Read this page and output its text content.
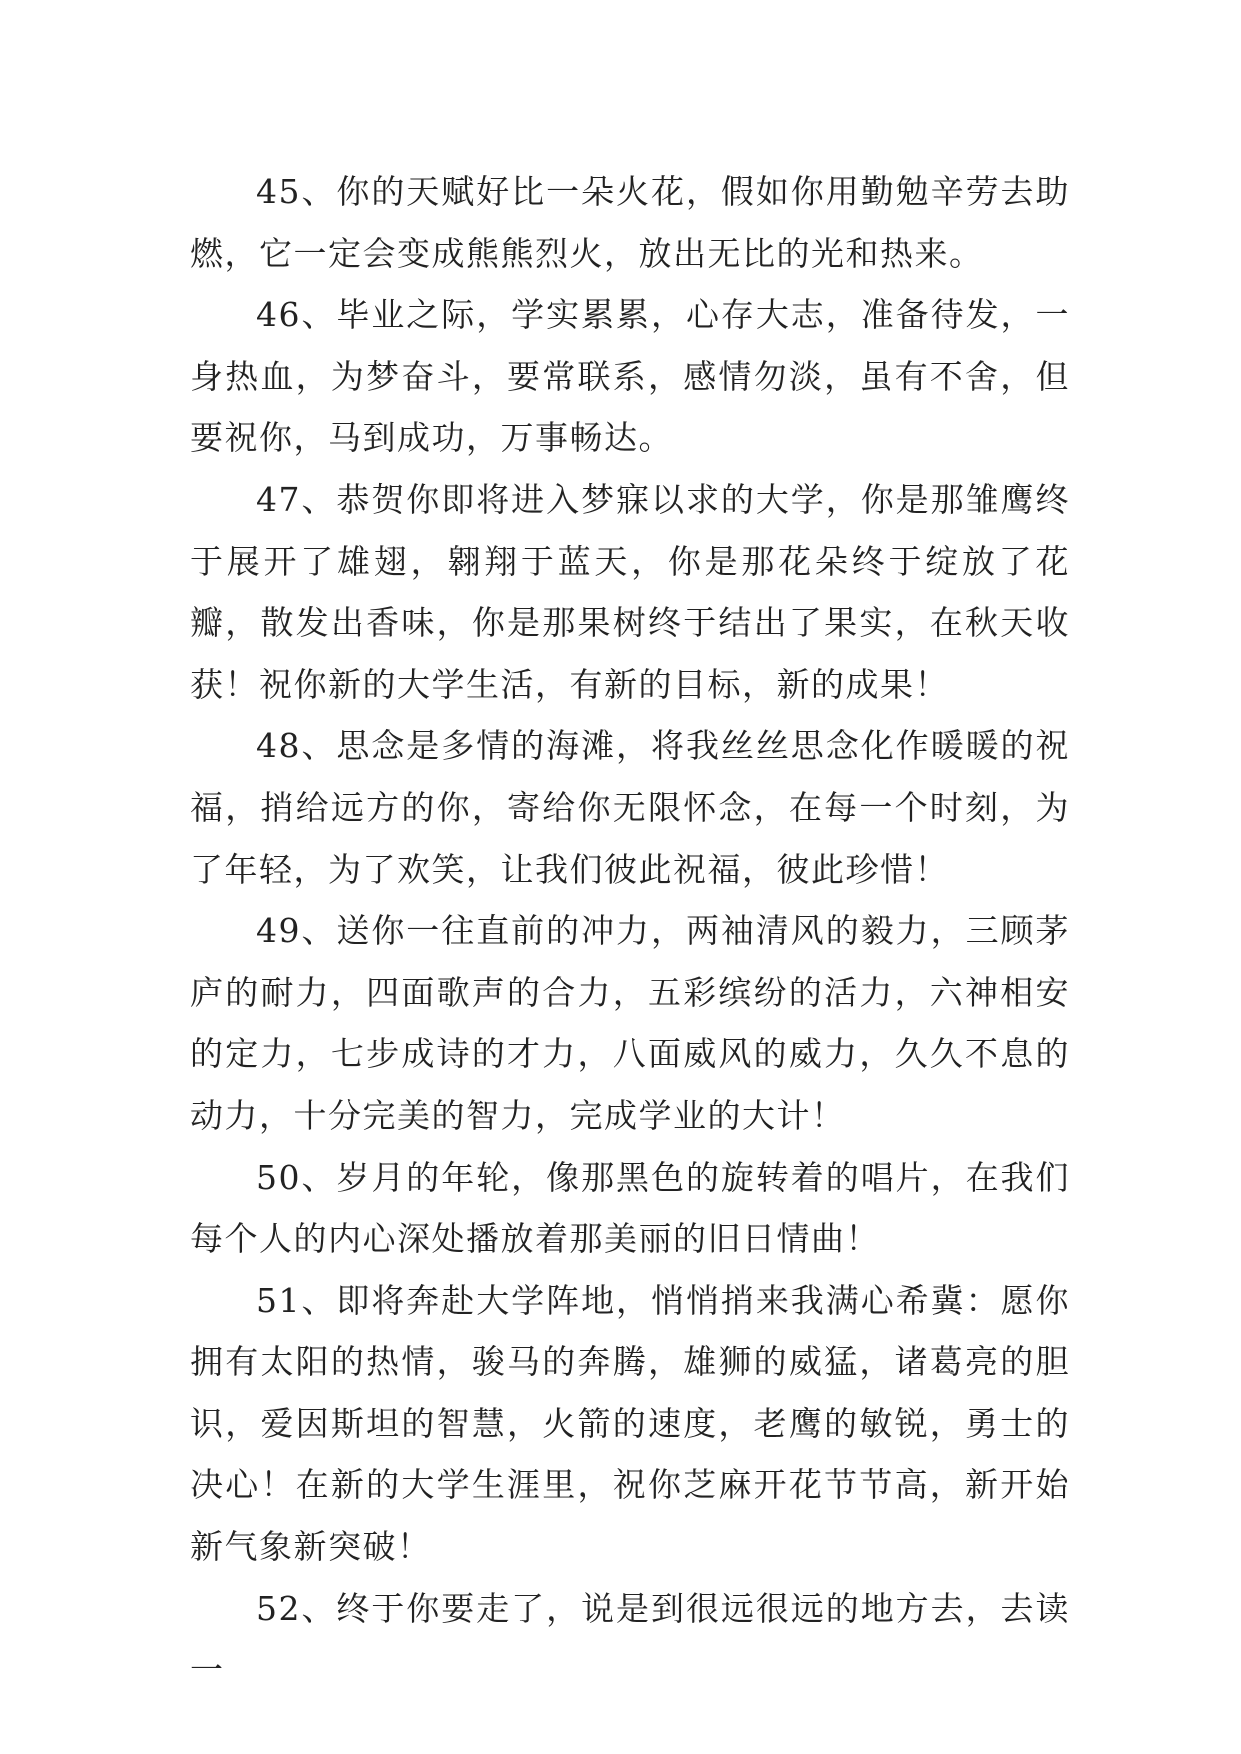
45、你的天赋好比一朵火花，假如你用勤勉辛劳去助燃，它一定会变成熊熊烈火，放出无比的光和热来。

46、毕业之际，学实累累，心存大志，准备待发，一身热血，为梦奋斗，要常联系，感情勿淡，虽有不舍，但要祝你，马到成功，万事畅达。

47、恭贺你即将进入梦寐以求的大学，你是那雏鹰终于展开了雄翅，翱翔于蓝天，你是那花朵终于绽放了花瓣，散发出香味，你是那果树终于结出了果实，在秋天收获！祝你新的大学生活，有新的目标，新的成果！

48、思念是多情的海滩，将我丝丝思念化作暖暖的祝福，捎给远方的你，寄给你无限怀念，在每一个时刻，为了年轻，为了欢笑，让我们彼此祝福，彼此珍惜！

49、送你一往直前的冲力，两袖清风的毅力，三顾茅庐的耐力，四面歌声的合力，五彩缤纷的活力，六神相安的定力，七步成诗的才力，八面威风的威力，久久不息的动力，十分完美的智力，完成学业的大计！

50、岁月的年轮，像那黑色的旋转着的唱片，在我们每个人的内心深处播放着那美丽的旧日情曲！

51、即将奔赴大学阵地，悄悄捎来我满心希冀：愿你拥有太阳的热情，骏马的奔腾，雄狮的威猛，诸葛亮的胆识，爱因斯坦的智慧，火箭的速度，老鹰的敏锐，勇士的决心！在新的大学生涯里，祝你芝麻开花节节高，新开始新气象新突破！

52、终于你要走了，说是到很远很远的地方去，去读一
